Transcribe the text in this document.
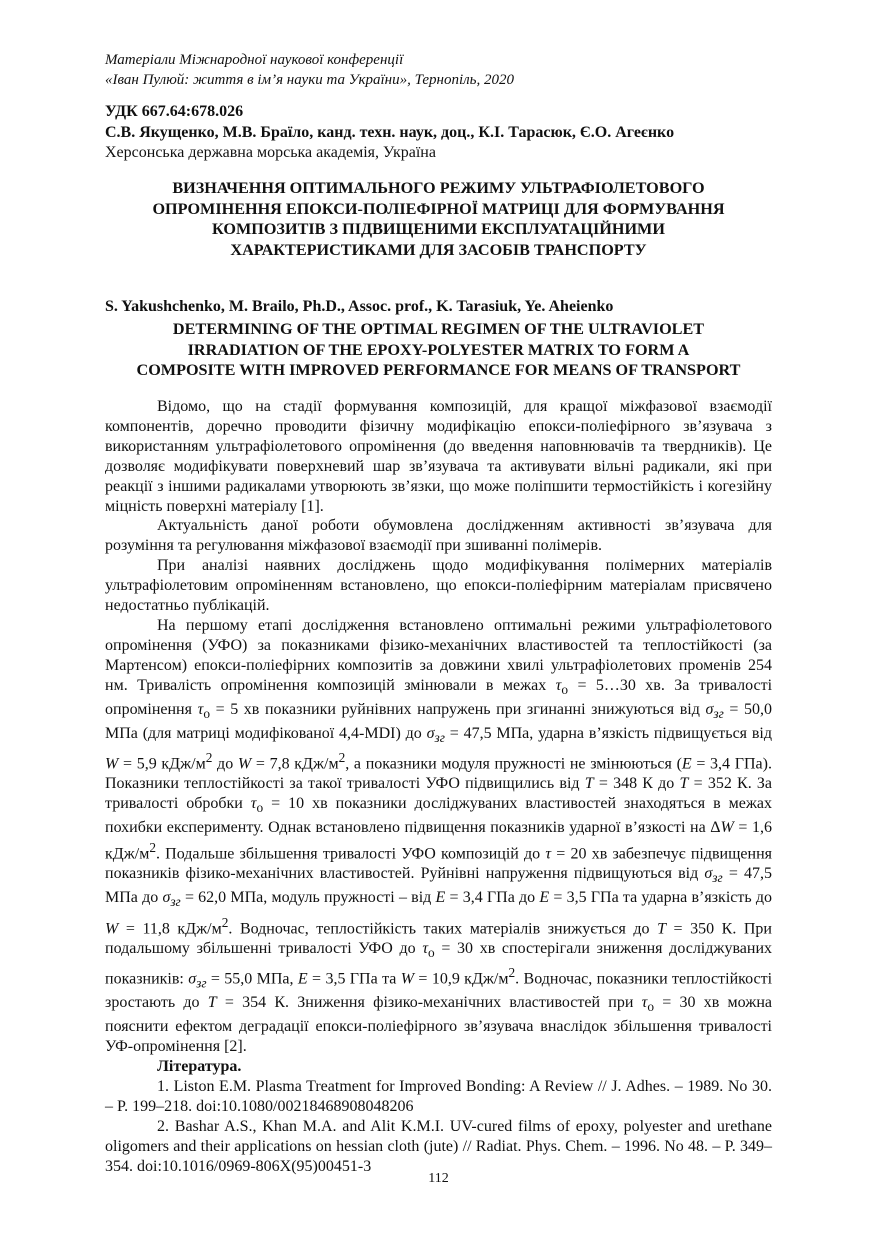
Матеріали Міжнародної наукової конференції
«Іван Пулюй: життя в ім’я науки та України», Тернопіль, 2020
УДК 667.64:678.026
С.В. Якущенко, М.В. Браїло, канд. техн. наук, доц., К.І. Тарасюк, Є.О. Агеєнко
Херсонська державна морська академія, Україна
ВИЗНАЧЕННЯ ОПТИМАЛЬНОГО РЕЖИМУ УЛЬТРАФІОЛЕТОВОГО
ОПРОМІНЕННЯ ЕПОКСИ-ПОЛІЕФІРНОЇ МАТРИЦІ ДЛЯ ФОРМУВАННЯ
КОМПОЗИТІВ З ПІДВИЩЕНИМИ ЕКСПЛУАТАЦІЙНИМИ
ХАРАКТЕРИСТИКАМИ ДЛЯ ЗАСОБІВ ТРАНСПОРТУ
S. Yakushchenko, M. Brailo, Ph.D., Assoc. prof., K. Tarasiuk, Ye. Aheienko
DETERMINING OF THE OPTIMAL REGIMEN OF THE ULTRAVIOLET
IRRADIATION OF THE EPOXY-POLYESTER MATRIX TO FORM A
COMPOSITE WITH IMPROVED PERFORMANCE FOR MEANS OF TRANSPORT

Відомо, що на стадії формування композицій, для кращої міжфазової взаємодії компонентів, доречно проводити фізичну модифікацію епокси-поліефірного зв’язувача з використанням ультрафіолетового опромінення (до введення наповнювачів та твердників). Це дозволяє модифікувати поверхневий шар зв’язувача та активувати вільні радикали, які при реакції з іншими радикалами утворюють зв’язки, що може поліпшити термостійкість і когезійну міцність поверхні матеріалу [1].

Актуальність даної роботи обумовлена дослідженням активності зв’язувача для розуміння та регулювання міжфазової взаємодії при зшиванні полімерів.

При аналізі наявних досліджень щодо модифікування полімерних матеріалів ультрафіолетовим опроміненням встановлено, що епокси-поліефірним матеріалам присвячено недостатньо публікацій.

На першому етапі дослідження встановлено оптимальні режими ультрафіолетового опромінення (УФО) за показниками фізико-механічних властивостей та теплостійкості (за Мартенсом) епокси-поліефірних композитів за довжини хвилі ультрафіолетових променів 254 нм. Тривалість опромінення композицій змінювали в межах $\tau_о$ = 5…30 хв. За тривалості опромінення $\tau_о = 5$ хв показники руйнівних напружень при згинанні знижуються від $\sigma_{зг} = 50,0$ МПа (для матриці модифікованої 4,4-MDI) до $\sigma_{зг} = 47,5$ МПа, ударна в’язкість підвищується від W = 5,9 кДж/$м^2$ до W = 7,8 кДж/$м^2$, а показники модуля пружності не змінюються (E = 3,4 ГПа). Показники теплостійкості за такої тривалості УФО підвищились від T = 348 К до T = 352 К. За тривалості обробки $\tau_о = 10$ хв показники досліджуваних властивостей знаходяться в межах похибки експерименту. Однак встановлено підвищення показників ударної в’язкості на ΔW = 1,6 кДж/$м^2$. Подальше збільшення тривалості УФО композицій до τ = 20 хв забезпечує підвищення показників фізико-механічних властивостей. Руйнівні напруження підвищуються від $\sigma_{зг} = 47,5$ МПа до $\sigma_{зг} = 62,0$ МПа, модуль пружності – від E = 3,4 ГПа до E = 3,5 ГПа та ударна в’язкість до W = 11,8 кДж/$м^2$. Водночас, теплостійкість таких матеріалів знижується до T = 350 К. При подальшому збільшенні тривалості УФО до $\tau_о = 30$ хв спостерігали зниження досліджуваних показників: $\sigma_{зг} = 55,0$ МПа, E = 3,5 ГПа та W = 10,9 кДж/$м^2$. Водночас, показники теплостійкості зростають до T = 354 К. Зниження фізико-механічних властивостей при $\tau_о = 30$ хв можна пояснити ефектом деградації епокси-поліефірного зв’язувача внаслідок збільшення тривалості УФ-опромінення [2].

Література.

1. Liston E.M. Plasma Treatment for Improved Bonding: A Review // J. Adhes. – 1989. No 30. – P. 199–218. doi:10.1080/00218468908048206

2. Bashar A.S., Khan M.A. and Alit K.M.I. UV-cured films of epoxy, polyester and urethane oligomers and their applications on hessian cloth (jute) // Radiat. Phys. Chem. – 1996. No 48. – P. 349–354. doi:10.1016/0969-806X(95)00451-3

112
